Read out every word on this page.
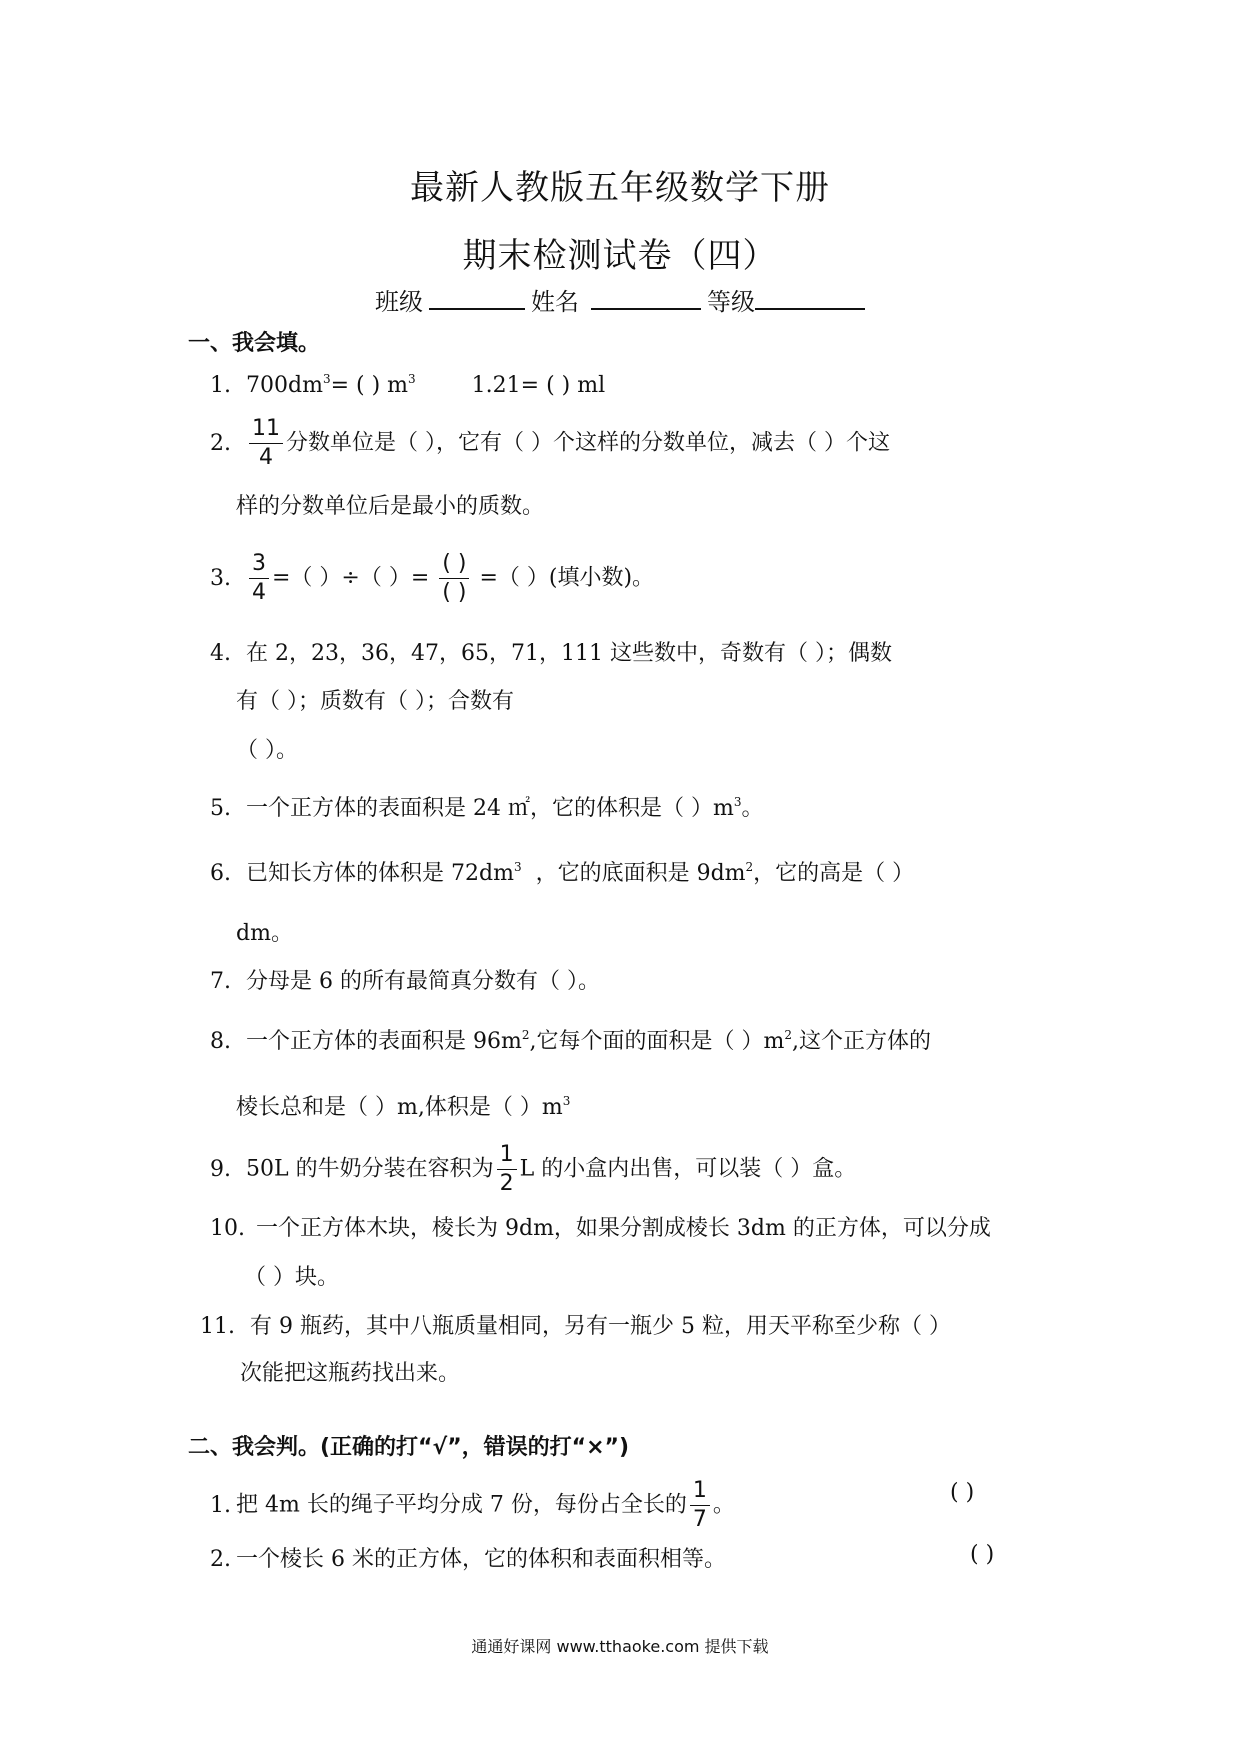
最新人教版五年级数学下册
期末检测试卷（四）
班级	姓名	等级
一、我会填。
1. $700dm^3=$ ( ) $m^3$	1.21= ( ) ml
2. $\frac{11}{4}$ 分数单位是（ ），它有（ ）个这样的分数单位，减去（ ）个这
样的分数单位后是最小的质数。
3. $\frac{3}{4}$ =（ ）÷（ ）= $\frac{( )}{( )}$ =（ ）(填小数)。
4. 在 2，23，36，47，65，71，111 这些数中，奇数有（ ）；偶数
有（ ）；质数有（ ）；合数有
（ ）。
5. 一个正方体的表面积是 24 ㎡，它的体积是（ ）$m^3$。
6. 已知长方体的体积是 $72dm^3$ ，它的底面积是 $9dm^2$，它的高是（ ）
dm。
7. 分母是 6 的所有最简真分数有（ ）。
8. 一个正方体的表面积是 $96m^2$,它每个面的面积是（ ）$m^2$,这个正方体的
棱长总和是（ ）m,体积是（ ）$m^3$
9. 50L 的牛奶分装在容积为 $\frac{1}{2}$ L 的小盒内出售，可以装（ ）盒。
10. 一个正方体木块，棱长为 9dm，如果分割成棱长 3dm 的正方体，可以分成
（ ）块。
11. 有 9 瓶药，其中八瓶质量相同，另有一瓶少 5 粒，用天平称至少称（ ）
次能把这瓶药找出来。
二、我会判。(正确的打“√”，错误的打“×”)
1. 把 4m 长的绳子平均分成 7 份，每份占全长的 $\frac{1}{7}$ 。	( )
2. 一个棱长 6 米的正方体，它的体积和表面积相等。	( )
通通好课网 www.tthaoke.com 提供下载
